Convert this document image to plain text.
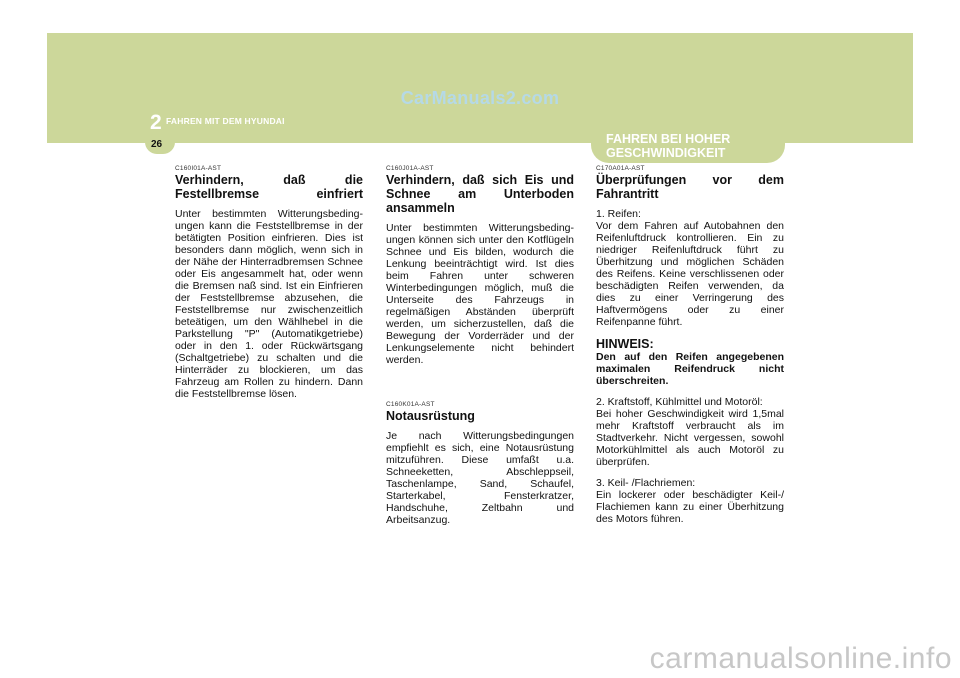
CarManuals2.com
2 FAHREN MIT DEM HYUNDAI
26	FAHREN BEI HOHER GESCHWINDIGKEIT
C160I01A-AST
Verhindern, daß die Festellbremse einfriert

Unter bestimmten Witterungsbeding- ungen kann die Feststellbremse in der betätigten Position einfrieren. Dies ist besonders dann möglich, wenn sich in der Nähe der Hinterradbremsen Schnee oder Eis angesammelt hat, oder wenn die Bremsen naß sind. Ist ein Einfrieren der Feststellbremse abzusehen, die Feststellbremse nur zwischenzeitlich beteätigen, um den Wählhebel in die Parkstellung "P" (Automatikgetriebe) oder in den 1. oder Rückwärtsgang (Schaltgetriebe) zu schalten und die Hinterräder zu blockieren, um das Fahrzeug am Rollen zu hindern. Dann die Feststellbremse lösen.

C160J01A-AST
Verhindern, daß sich Eis und Schnee am Unterboden ansammeln

Unter bestimmten Witterungsbeding- ungen können sich unter den Kotflügeln Schnee und Eis bilden, wodurch die Lenkung beeinträchtigt wird. Ist dies beim Fahren unter schweren Winterbedingungen möglich, muß die Unterseite des Fahrzeugs in regelmäßigen Abständen überprüft werden, um sicherzustellen, daß die Bewegung der Vorderräder und der Lenkungselemente nicht behindert werden.

C160K01A-AST
Notausrüstung

Je nach Witterungsbedingungen empfiehlt es sich, eine Notausrüstung mitzuführen. Diese umfaßt u.a. Schneeketten, Abschleppseil, Taschenlampe, Sand, Schaufel, Starterkabel, Fensterkratzer, Handschuhe, Zeltbahn und Arbeitsanzug.

C170A01A-AST
Überprüfungen vor dem Fahrantritt

1. Reifen:
Vor dem Fahren auf Autobahnen den Reifenluftdruck kontrollieren. Ein zu niedriger Reifenluftdruck führt zu Überhitzung und möglichen Schäden des Reifens. Keine verschlissenen oder beschädigten Reifen verwenden, da dies zu einer Verringerung des Haftvermögens oder zu einer Reifenpanne führt.

HINWEIS:
Den auf den Reifen angegebenen maximalen Reifendruck nicht überschreiten.

2. Kraftstoff, Kühlmittel und Motoröl:
Bei hoher Geschwindigkeit wird 1,5mal mehr Kraftstoff verbraucht als im Stadtverkehr. Nicht vergessen, sowohl Motorkühlmittel als auch Motoröl zu überprüfen.

3. Keil- /Flachriemen:
Ein lockerer oder beschädigter Keil-/ Flachiemen kann zu einer Überhitzung des Motors führen.

carmanualsonline.info
